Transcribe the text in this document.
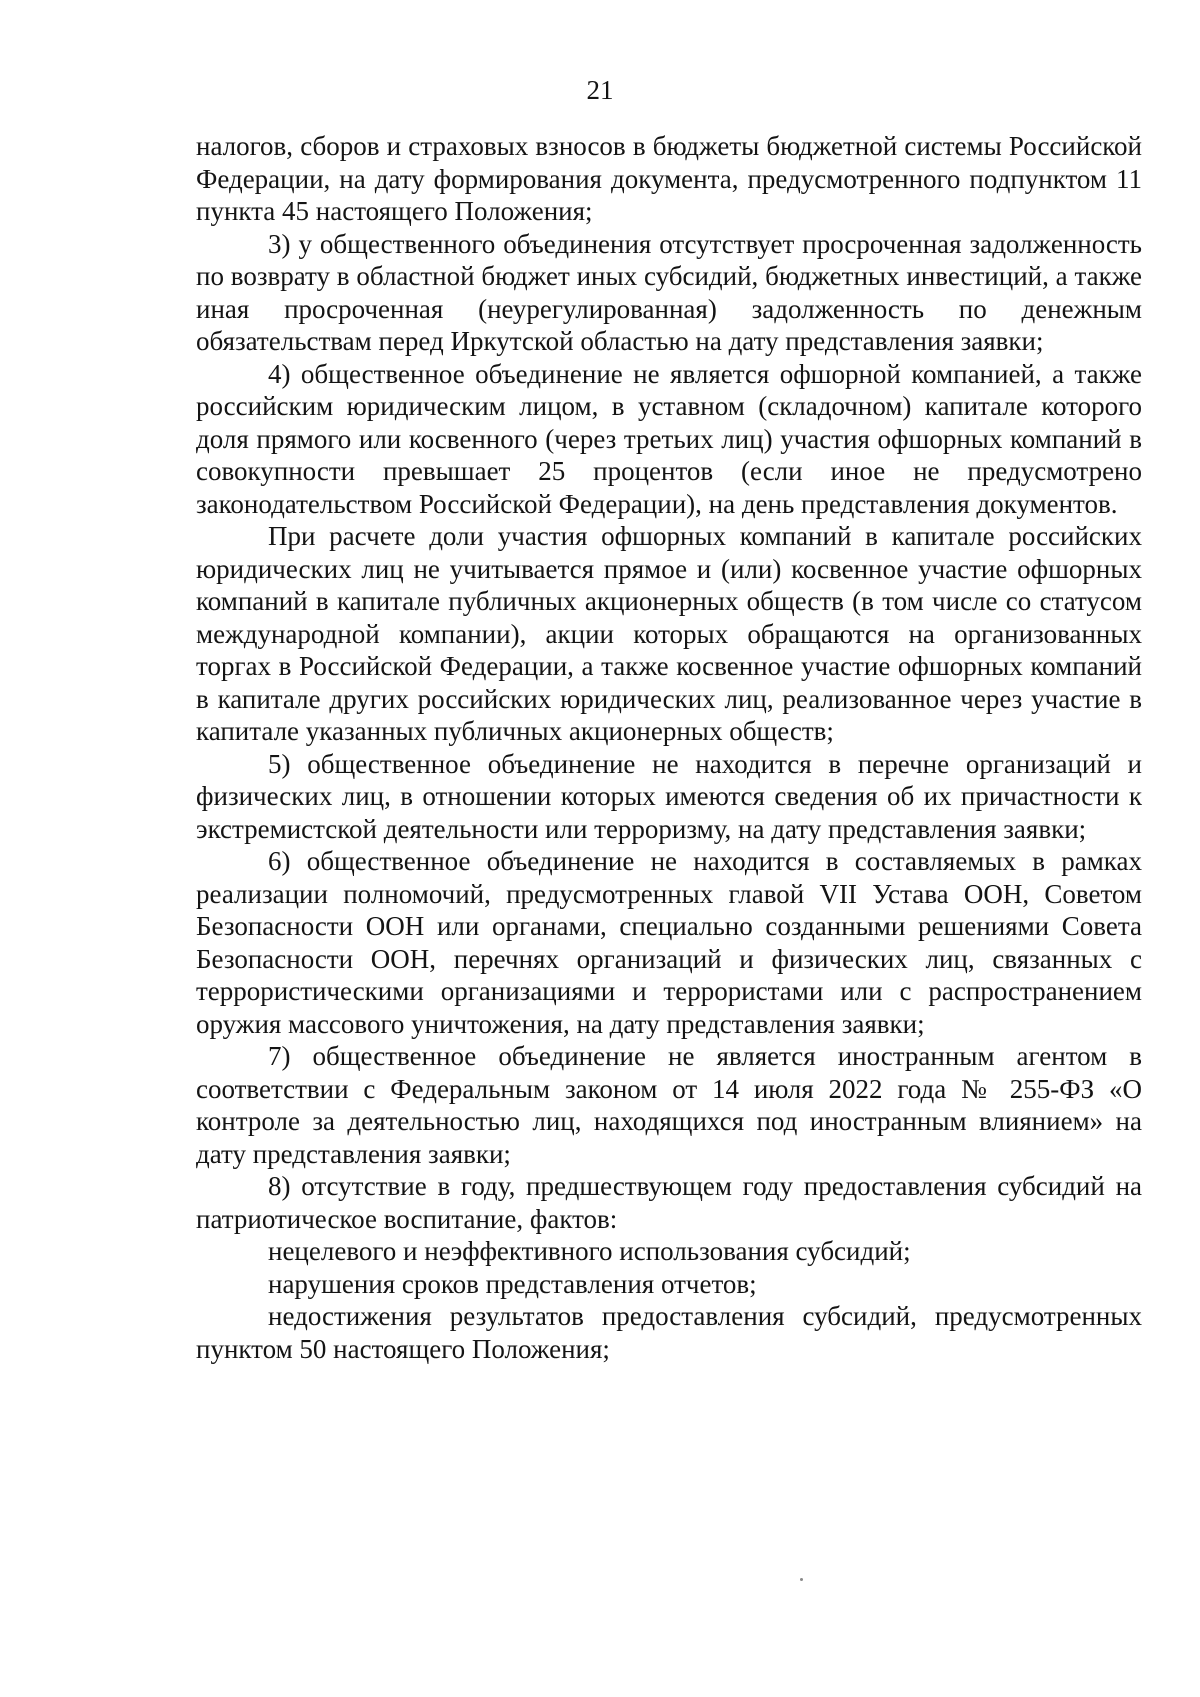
21

налогов, сборов и страховых взносов в бюджеты бюджетной системы Российской Федерации, на дату формирования документа, предусмотренного подпунктом 11 пункта 45 настоящего Положения;

3) у общественного объединения отсутствует просроченная задолженность по возврату в областной бюджет иных субсидий, бюджетных инвестиций, а также иная просроченная (неурегулированная) задолженность по денежным обязательствам перед Иркутской областью на дату представления заявки;

4) общественное объединение не является офшорной компанией, а также российским юридическим лицом, в уставном (складочном) капитале которого доля прямого или косвенного (через третьих лиц) участия офшорных компаний в совокупности превышает 25 процентов (если иное не предусмотрено законодательством Российской Федерации), на день представления документов.

При расчете доли участия офшорных компаний в капитале российских юридических лиц не учитывается прямое и (или) косвенное участие офшорных компаний в капитале публичных акционерных обществ (в том числе со статусом международной компании), акции которых обращаются на организованных торгах в Российской Федерации, а также косвенное участие офшорных компаний в капитале других российских юридических лиц, реализованное через участие в капитале указанных публичных акционерных обществ;

5) общественное объединение не находится в перечне организаций и физических лиц, в отношении которых имеются сведения об их причастности к экстремистской деятельности или терроризму, на дату представления заявки;

6) общественное объединение не находится в составляемых в рамках реализации полномочий, предусмотренных главой VII Устава ООН, Советом Безопасности ООН или органами, специально созданными решениями Совета Безопасности ООН, перечнях организаций и физических лиц, связанных с террористическими организациями и террористами или с распространением оружия массового уничтожения, на дату представления заявки;

7) общественное объединение не является иностранным агентом в соответствии с Федеральным законом от 14 июля 2022 года № 255-ФЗ «О контроле за деятельностью лиц, находящихся под иностранным влиянием» на дату представления заявки;

8) отсутствие в году, предшествующем году предоставления субсидий на патриотическое воспитание, фактов:

нецелевого и неэффективного использования субсидий;

нарушения сроков представления отчетов;

недостижения результатов предоставления субсидий, предусмотренных пунктом 50 настоящего Положения;
